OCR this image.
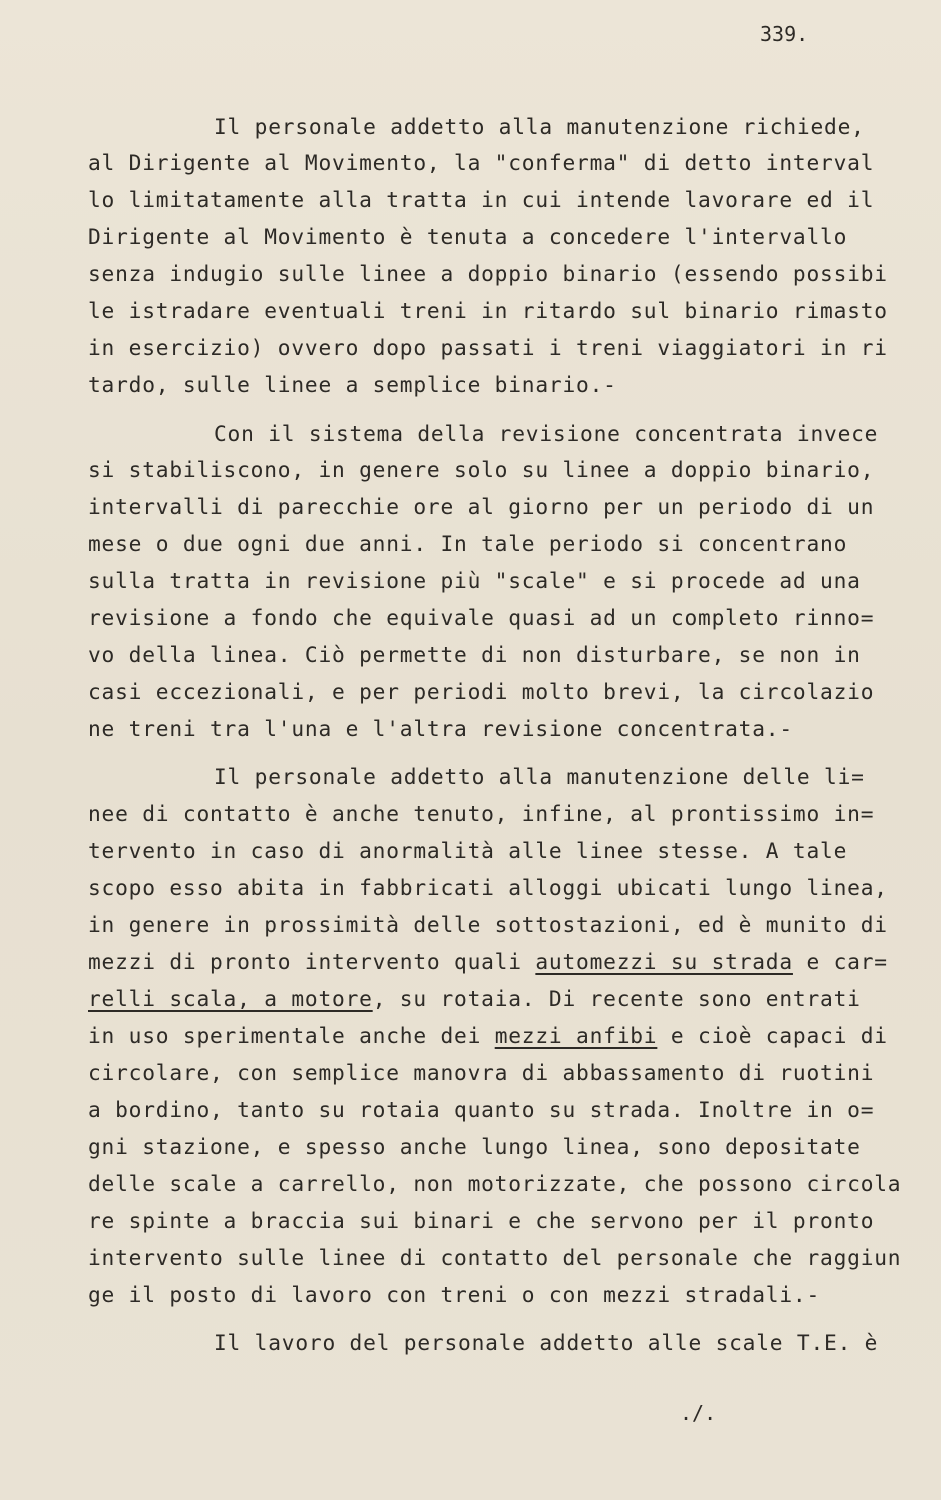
339.
Il personale addetto alla manutenzione richiede,
al Dirigente al Movimento, la "conferma" di detto interval
lo limitatamente alla tratta in cui intende lavorare ed il
Dirigente al Movimento è tenuta a concedere l'intervallo
senza indugio sulle linee a doppio binario (essendo possibi
le istradare eventuali treni in ritardo sul binario rimasto
in esercizio) ovvero dopo passati i treni viaggiatori in ri
tardo, sulle linee a semplice binario.-
Con il sistema della revisione concentrata invece
si stabiliscono, in genere solo su linee a doppio binario,
intervalli di parecchie ore al giorno per un periodo di un
mese o due ogni due anni. In tale periodo si concentrano
sulla tratta in revisione più "scale" e si procede ad una
revisione a fondo che equivale quasi ad un completo rinno=
vo della linea. Ciò permette di non disturbare, se non in
casi eccezionali, e per periodi molto brevi, la circolazio
ne treni tra l'una e l'altra revisione concentrata.-
Il personale addetto alla manutenzione delle li=
nee di contatto è anche tenuto, infine, al prontissimo in=
tervento in caso di anormalità alle linee stesse. A tale
scopo esso abita in fabbricati alloggi ubicati lungo linea,
in genere in prossimità delle sottostazioni, ed è munito di
mezzi di pronto intervento quali automezzi su strada e car=
relli scala, a motore, su rotaia. Di recente sono entrati
in uso sperimentale anche dei mezzi anfibi e cioè capaci di
circolare, con semplice manovra di abbassamento di ruotini
a bordino, tanto su rotaia quanto su strada. Inoltre in o=
gni stazione, e spesso anche lungo linea, sono depositate
delle scale a carrello, non motorizzate, che possono circola
re spinte a braccia sui binari e che servono per il pronto
intervento sulle linee di contatto del personale che raggiun
ge il posto di lavoro con treni o con mezzi stradali.-
Il lavoro del personale addetto alle scale T.E. è
./.
